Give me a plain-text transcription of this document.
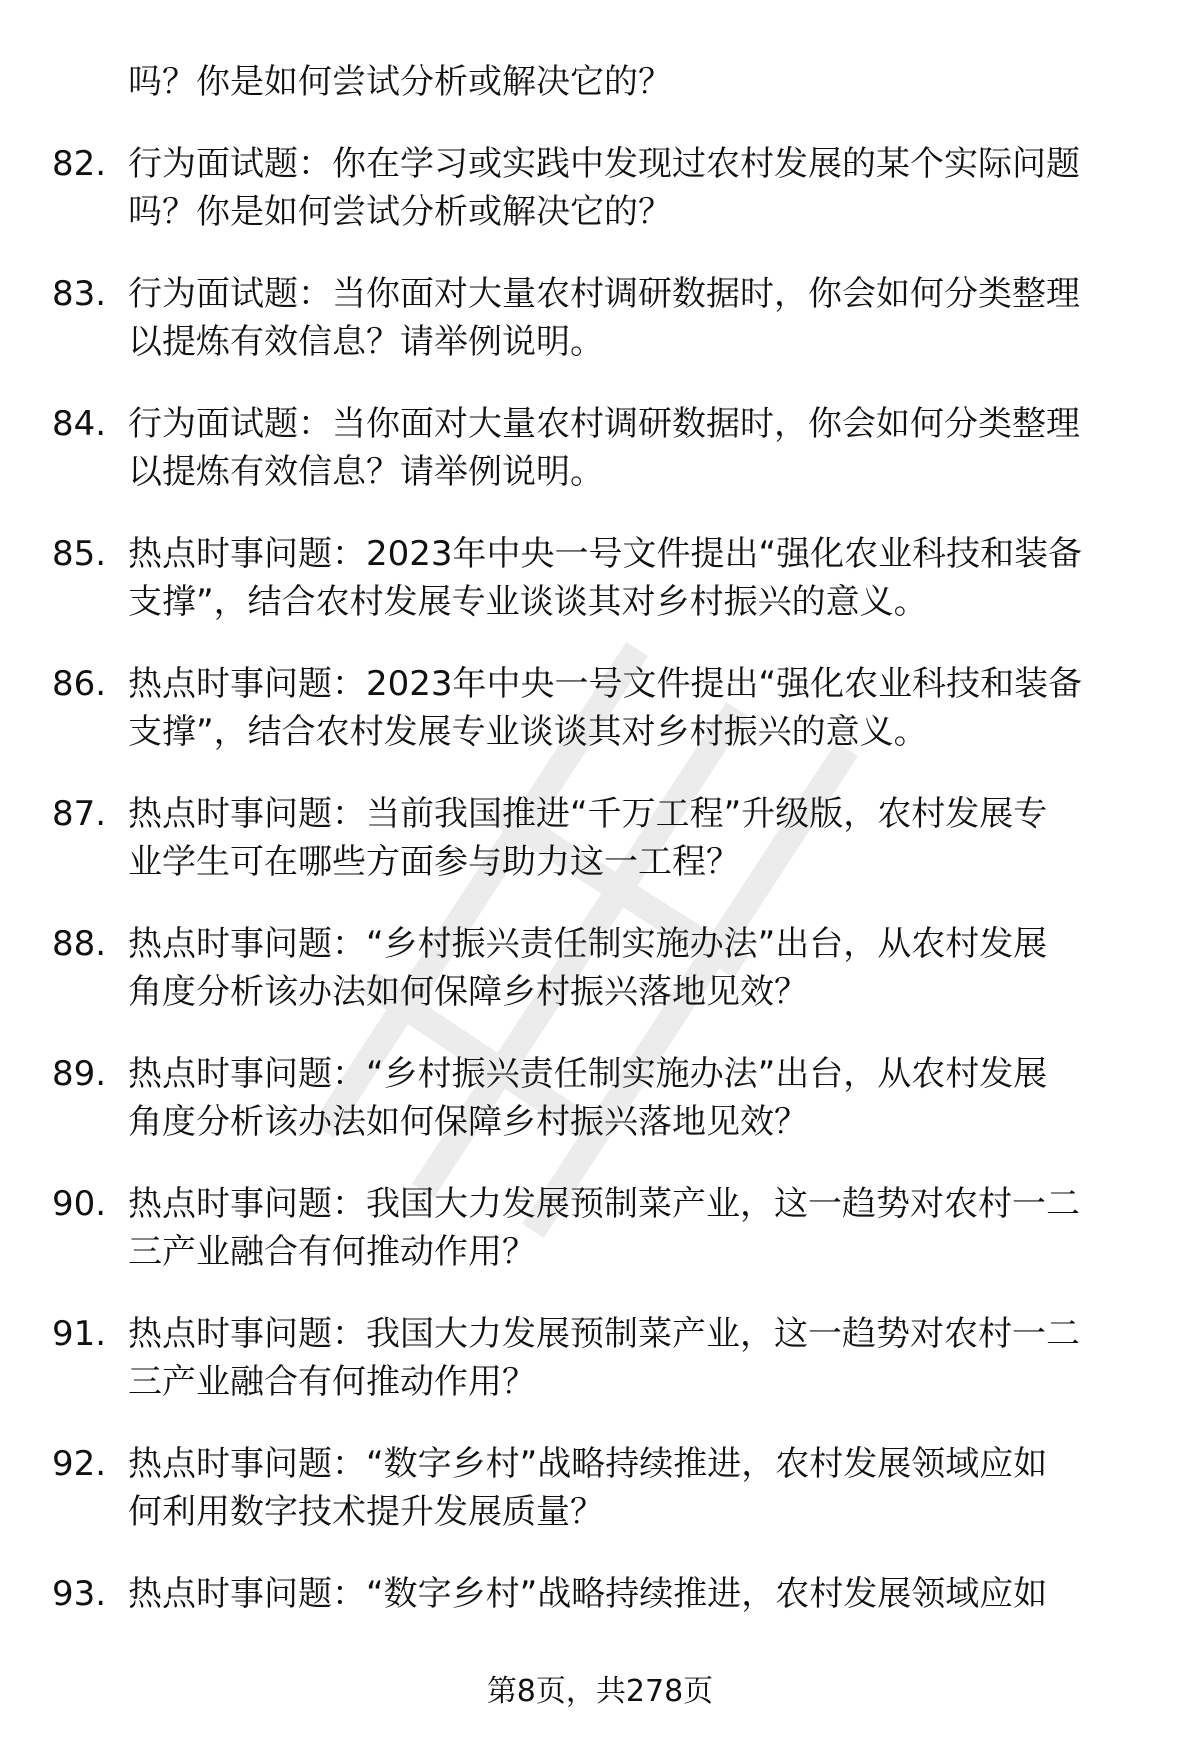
吗？你是如何尝试分析或解决它的？
82. 行为面试题：你在学习或实践中发现过农村发展的某个实际问题
吗？你是如何尝试分析或解决它的？
83. 行为面试题：当你面对大量农村调研数据时，你会如何分类整理
以提炼有效信息？请举例说明。
84. 行为面试题：当你面对大量农村调研数据时，你会如何分类整理
以提炼有效信息？请举例说明。
85. 热点时事问题：2023年中央一号文件提出“强化农业科技和装备
支撑”，结合农村发展专业谈谈其对乡村振兴的意义。
86. 热点时事问题：2023年中央一号文件提出“强化农业科技和装备
支撑”，结合农村发展专业谈谈其对乡村振兴的意义。
87. 热点时事问题：当前我国推进“千万工程”升级版，农村发展专
业学生可在哪些方面参与助力这一工程？
88. 热点时事问题：“乡村振兴责任制实施办法”出台，从农村发展
角度分析该办法如何保障乡村振兴落地见效？
89. 热点时事问题：“乡村振兴责任制实施办法”出台，从农村发展
角度分析该办法如何保障乡村振兴落地见效？
90. 热点时事问题：我国大力发展预制菜产业，这一趋势对农村一二
三产业融合有何推动作用？
91. 热点时事问题：我国大力发展预制菜产业，这一趋势对农村一二
三产业融合有何推动作用？
92. 热点时事问题：“数字乡村”战略持续推进，农村发展领域应如
何利用数字技术提升发展质量？
93. 热点时事问题：“数字乡村”战略持续推进，农村发展领域应如
第8页，共278页
